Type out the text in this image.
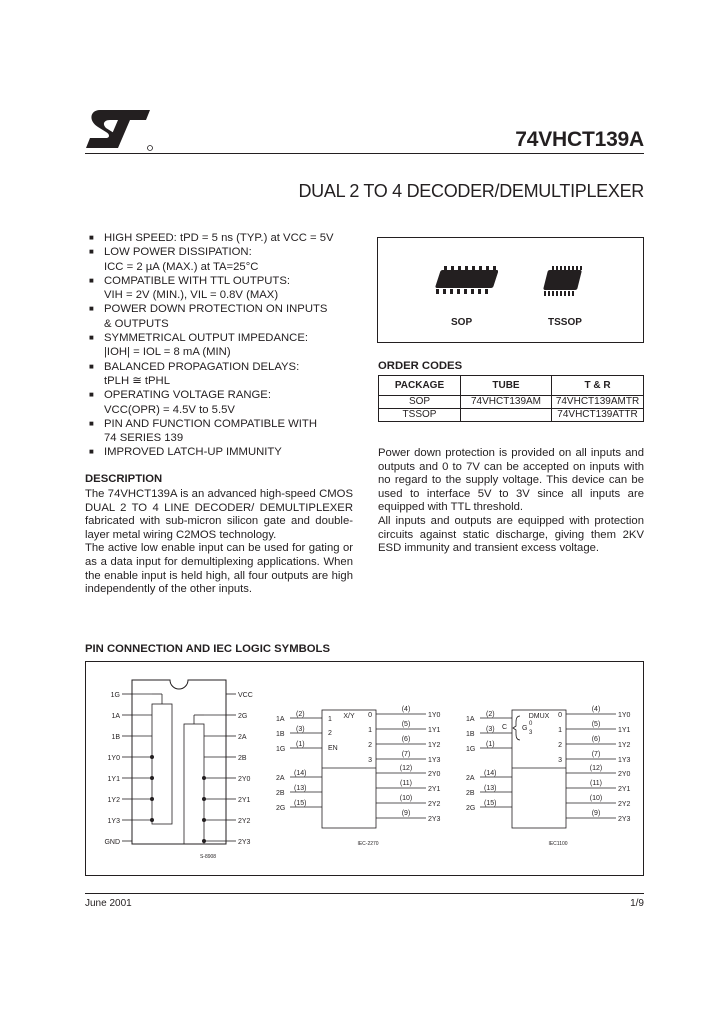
74VHCT139A
DUAL 2 TO 4 DECODER/DEMULTIPLEXER
■ HIGH SPEED: tPD = 5 ns (TYP.) at VCC = 5V
■ LOW POWER DISSIPATION:
ICC = 2 µA (MAX.) at TA=25°C
■ COMPATIBLE WITH TTL OUTPUTS:
VIH = 2V (MIN.), VIL = 0.8V (MAX)
■ POWER DOWN PROTECTION ON INPUTS
& OUTPUTS
■ SYMMETRICAL OUTPUT IMPEDANCE:
|IOH| = IOL = 8 mA (MIN)
■ BALANCED PROPAGATION DELAYS:
tPLH ≅ tPHL
■ OPERATING VOLTAGE RANGE:
VCC(OPR) = 4.5V to 5.5V
■ PIN AND FUNCTION COMPATIBLE WITH
74 SERIES 139
■ IMPROVED LATCH-UP IMMUNITY
DESCRIPTION

The 74VHCT139A is an advanced high-speed CMOS DUAL 2 TO 4 LINE DECODER/ DEMULTIPLEXER fabricated with sub-micron silicon gate and double-layer metal wiring C2MOS technology.

The active low enable input can be used for gating or as a data input for demultiplexing applications. When the enable input is held high, all four outputs are high independently of the other inputs.

SOP	TSSOP
ORDER CODES
PACKAGE	TUBE	T & R
SOP	74VHCT139AM	74VHCT139AMTR
TSSOP		74VHCT139ATTR

Power down protection is provided on all inputs and outputs and 0 to 7V can be accepted on inputs with no regard to the supply voltage. This device can be used to interface 5V to 3V since all inputs are equipped with TTL threshold.

All inputs and outputs are equipped with protection circuits against static discharge, giving them 2KV ESD immunity and transient excess voltage.

PIN CONNECTION AND IEC LOGIC SYMBOLS
1G
1A
1B
1Y0
1Y1
1Y2
1Y3
GND
VCC
2G
2A
2B
2Y0
2Y1
2Y2
2Y3
S-8908
X/Y
1A
1B
1G
2A
2B
2G
(2)
(3)
(1)
(14)
(13)
(15)
2
EN
1
0
1
2
3
(4)
(5)
(6)
(7)
(12)
(11)
(10)
(9)
1Y0
1Y1
1Y2
1Y3
2Y0
2Y1
2Y2
2Y3
IEC-2270
DMUX
1A
1B
1G
2A
2B
2G
(2)
(3)
(1)
(14)
(13)
(15)
G
0
3
C
0
1
2
3
(4)
(5)
(6)
(7)
(12)
(11)
(10)
(9)
1Y0
1Y1
1Y2
1Y3
2Y0
2Y1
2Y2
2Y3
IEC1100
June 2001	1/9
